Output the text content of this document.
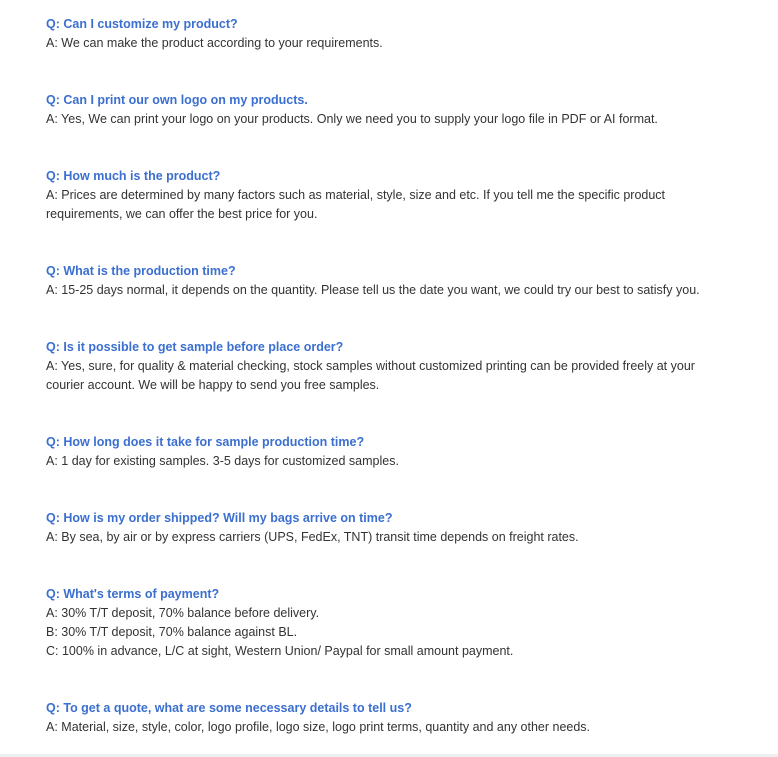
Q: Can I customize my product?
A: We can make the product according to your requirements.
Q: Can I print our own logo on my products.
A: Yes, We can print your logo on your products. Only we need you to supply your logo file in PDF or AI format.
Q: How much is the product?
A: Prices are determined by many factors such as material, style, size and etc. If you tell me the specific product requirements, we can offer the best price for you.
Q: What is the production time?
A: 15-25 days normal, it depends on the quantity. Please tell us the date you want, we could try our best to satisfy you.
Q: Is it possible to get sample before place order?
A: Yes, sure, for quality & material checking, stock samples without customized printing can be provided freely at your courier account. We will be happy to send you free samples.
Q: How long does it take for sample production time?
A: 1 day for existing samples. 3-5 days for customized samples.
Q: How is my order shipped? Will my bags arrive on time?
A: By sea, by air or by express carriers (UPS, FedEx, TNT) transit time depends on freight rates.
Q: What's terms of payment?
A: 30% T/T deposit, 70% balance before delivery.
B: 30% T/T deposit, 70% balance against BL.
C: 100% in advance, L/C at sight, Western Union/ Paypal for small amount payment.
Q: To get a quote, what are some necessary details to tell us?
A: Material, size, style, color, logo profile, logo size, logo print terms, quantity and any other needs.
